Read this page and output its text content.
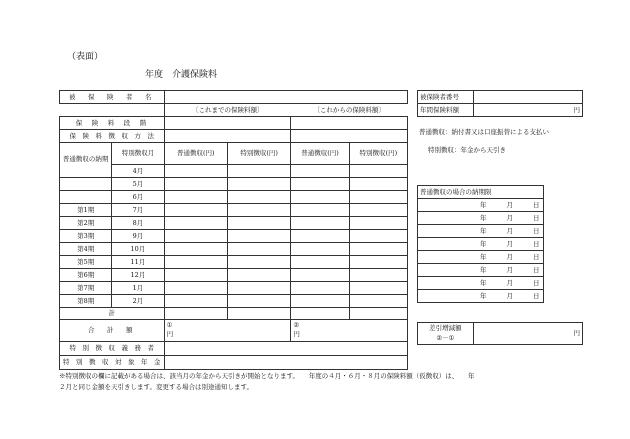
（表面）
年度　介護保険料
被　保　険　者　名					
		〔これまでの保険料額〕		〔これからの保険料額〕	
保　険　料　段　階					
保　険　料　徴　収　方　法					
普通徴収の納期	特別徴収月	普通徴収(円)	特別徴収(円)	普通徴収(円)	特別徴収(円)
	4月				
	5月				
	6月				
第1期	7月				
第2期	8月				
第3期	9月				
第4期	10月				
第5期	11月				
第6期	12月				
第7期	1月				
第8期	2月				
計					
合　計　額		①
円		②
円	
特　別　徴　収　義　務　者					
特　別　徴　収　対　象　年　金					
被保険者番号	
年間保険料額	円
普通徴収：納付書又は口座振替による支払い
特別徴収：年金から天引き
普通徴収の場合の納期限
年	月	日
年	月	日
年	月	日
年	月	日
年	月	日
年	月	日
年	月	日
年	月	日
差引増減額
②－①	円
※特別徴収の欄に記載がある場合は、該当月の年金から天引きが開始となります。　　年度の４月・６月・８月の保険料額（仮徴収）は、　　年
２月と同じ金額を天引きします。変更する場合は別途通知します。
